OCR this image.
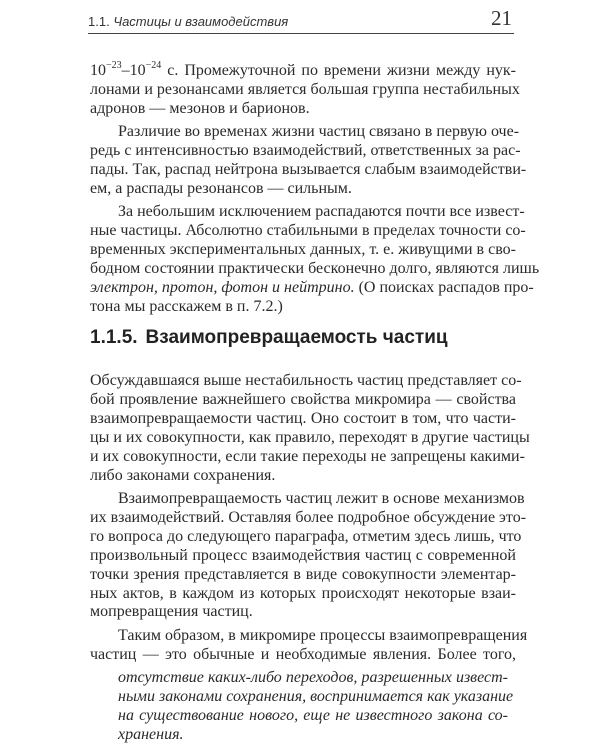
1.1. Частицы и взаимодействия	21
$10^{-23}-10^{-24}$ с. Промежуточной по времени жизни между нук-
лонами и резонансами является большая группа нестабильных
адронов — мезонов и барионов.
Различие во временах жизни частиц связано в первую оче-
редь с интенсивностью взаимодействий, ответственных за рас-
пады. Так, распад нейтрона вызывается слабым взаимодействи-
ем, а распады резонансов — сильным.
За небольшим исключением распадаются почти все извест-
ные частицы. Абсолютно стабильными в пределах точности со-
временных экспериментальных данных, т. е. живущими в сво-
бодном состоянии практически бесконечно долго, являются лишь
электрон, протон, фотон и нейтрино. (О поисках распадов про-
тона мы расскажем в п. 7.2.)
1.1.5. Взаимопревращаемость частиц
Обсуждавшаяся выше нестабильность частиц представляет со-
бой проявление важнейшего свойства микромира — свойства
взаимопревращаемости частиц. Оно состоит в том, что части-
цы и их совокупности, как правило, переходят в другие частицы
и их совокупности, если такие переходы не запрещены какими-
либо законами сохранения.
Взаимопревращаемость частиц лежит в основе механизмов
их взаимодействий. Оставляя более подробное обсуждение это-
го вопроса до следующего параграфа, отметим здесь лишь, что
произвольный процесс взаимодействия частиц с современной
точки зрения представляется в виде совокупности элементар-
ных актов, в каждом из которых происходят некоторые взаи-
мопревращения частиц.
Таким образом, в микромире процессы взаимопревращения
частиц — это обычные и необходимые явления. Более того,
отсутствие каких-либо переходов, разрешенных извест-
ными законами сохранения, воспринимается как указание
на существование нового, еще не известного закона со-
хранения.
